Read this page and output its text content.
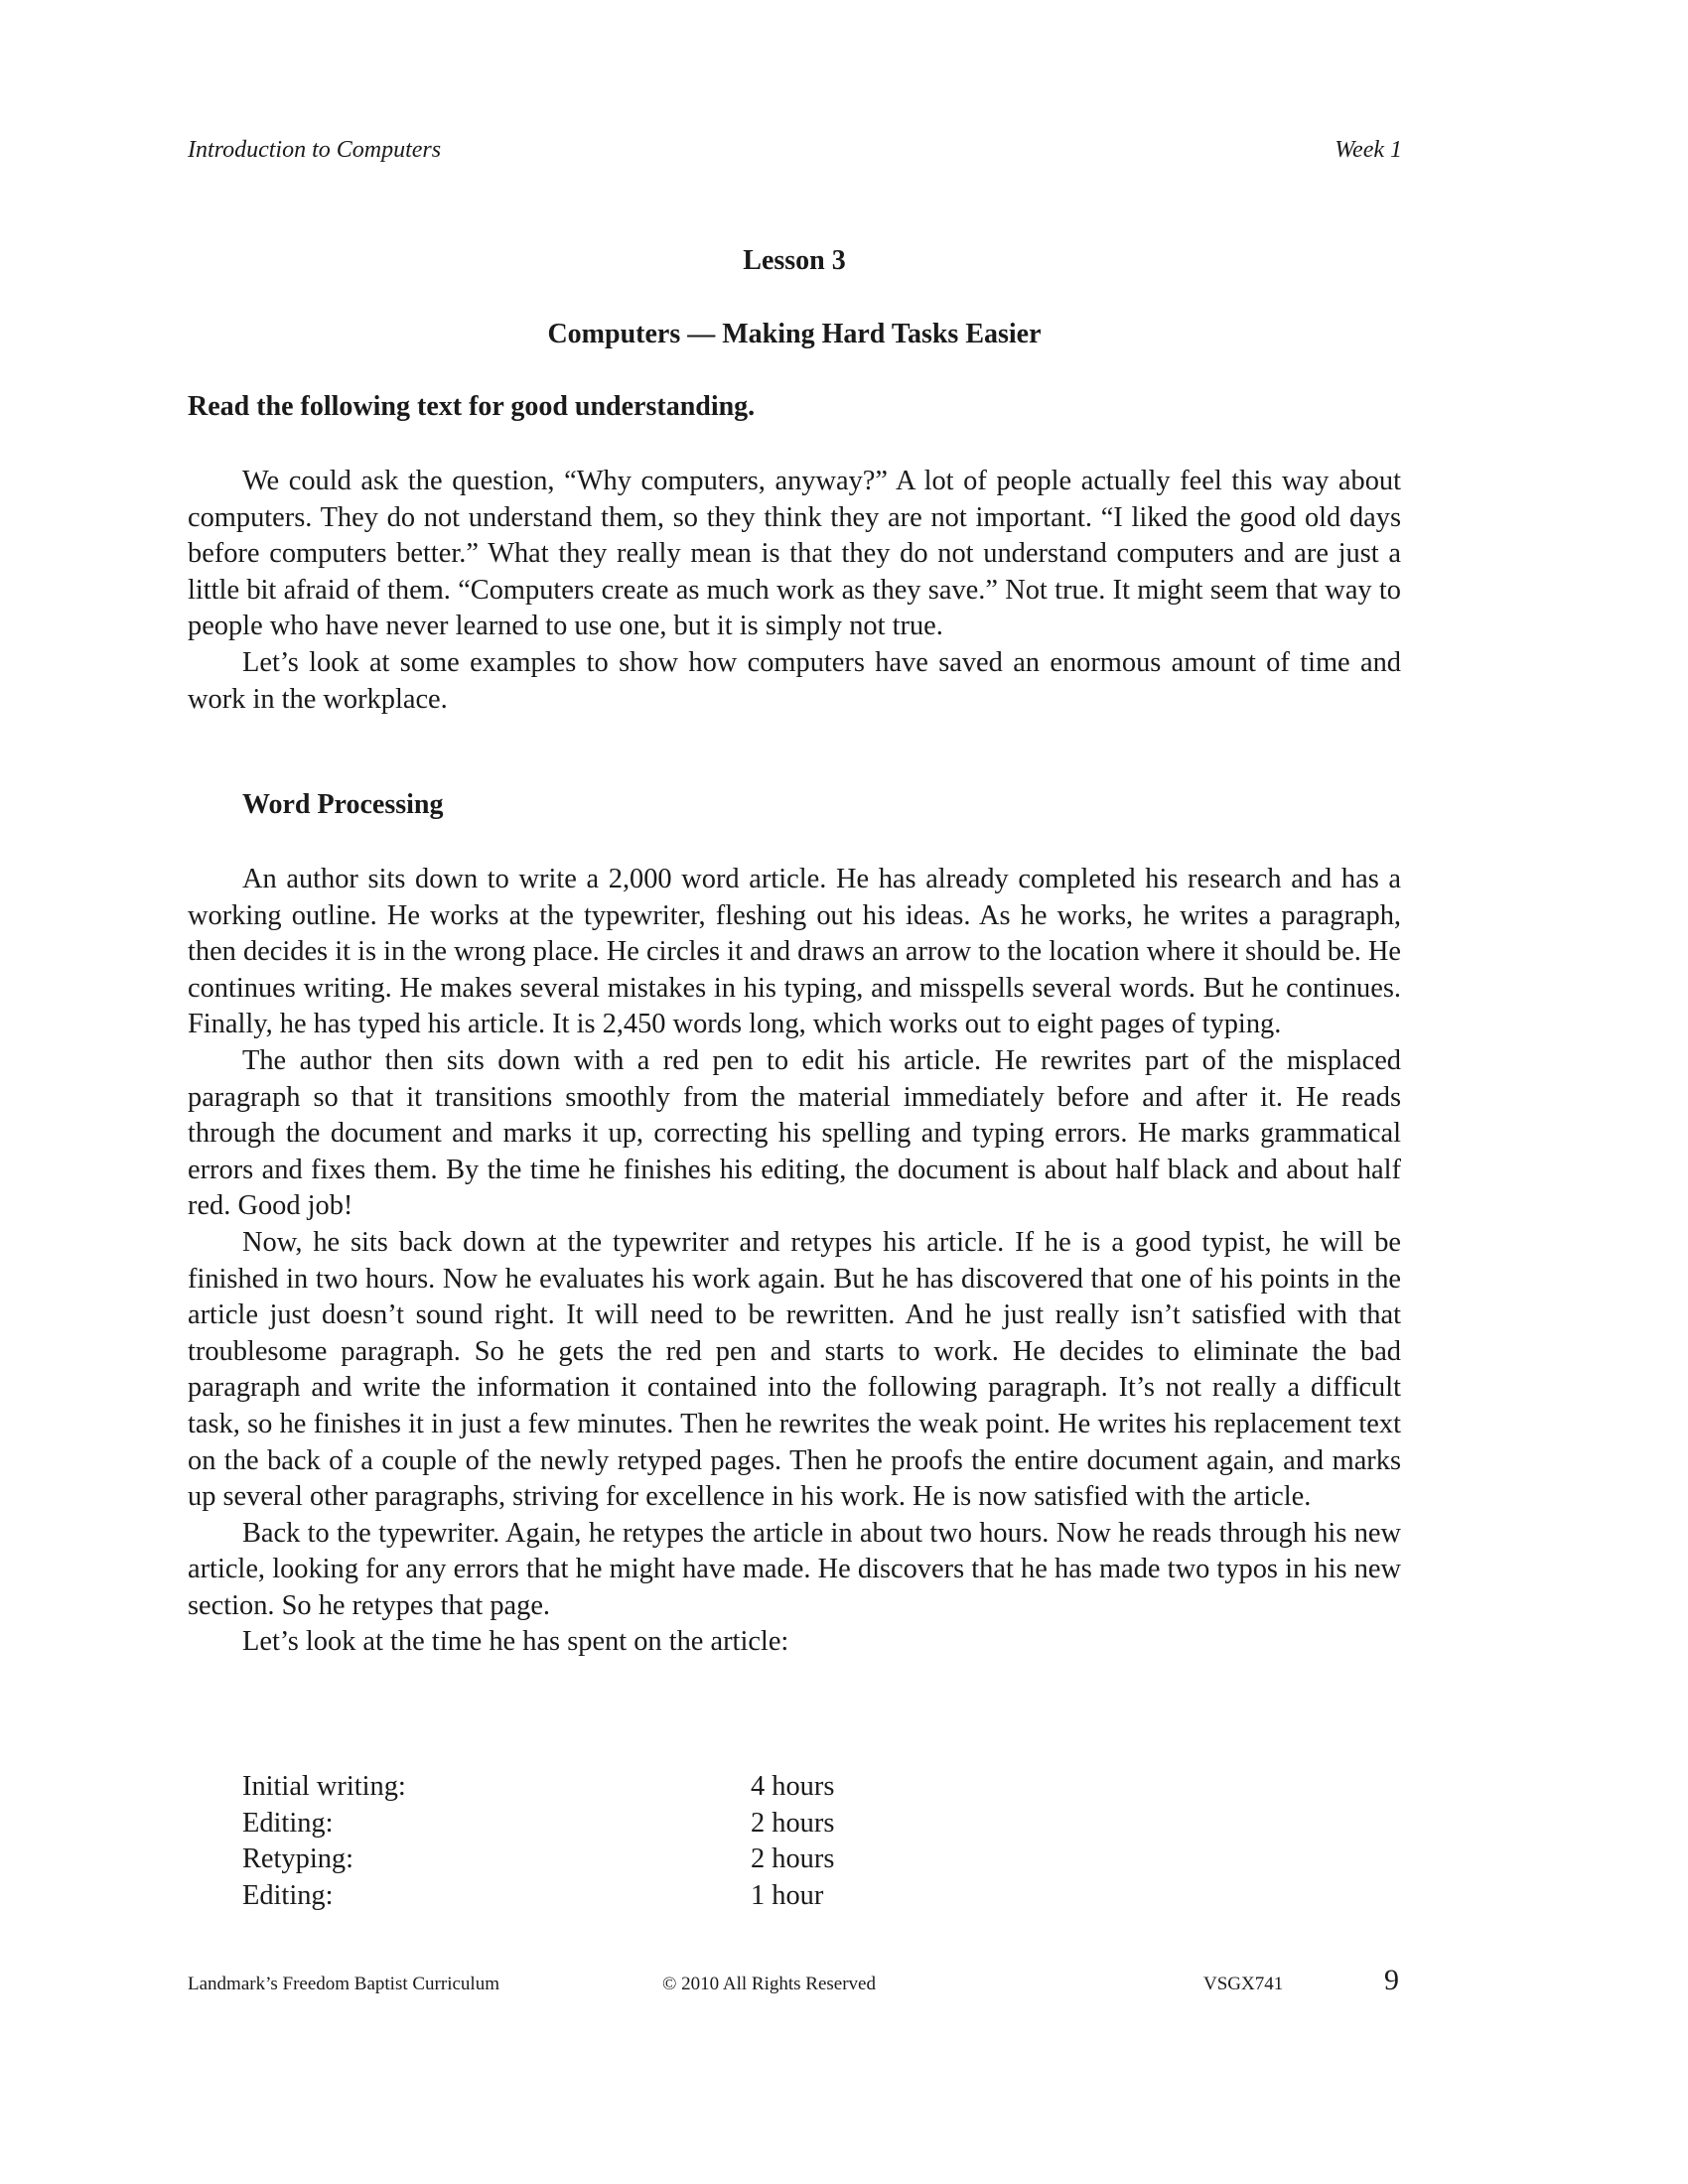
Introduction to Computers	Week 1
Lesson 3
Computers — Making Hard Tasks Easier
Read the following text for good understanding.

We could ask the question, “Why computers, anyway?” A lot of people actually feel this way about computers. They do not understand them, so they think they are not important. “I liked the good old days before computers better.” What they really mean is that they do not understand computers and are just a little bit afraid of them. “Computers create as much work as they save.” Not true. It might seem that way to people who have never learned to use one, but it is simply not true.

Let’s look at some examples to show how computers have saved an enormous amount of time and work in the workplace.

Word Processing

An author sits down to write a 2,000 word article. He has already completed his research and has a working outline. He works at the typewriter, fleshing out his ideas. As he works, he writes a paragraph, then decides it is in the wrong place. He circles it and draws an arrow to the location where it should be. He continues writing. He makes several mistakes in his typing, and misspells several words. But he continues. Finally, he has typed his article. It is 2,450 words long, which works out to eight pages of typing.

The author then sits down with a red pen to edit his article. He rewrites part of the misplaced paragraph so that it transitions smoothly from the material immediately before and after it. He reads through the document and marks it up, correcting his spelling and typing errors. He marks grammatical errors and fixes them. By the time he finishes his editing, the document is about half black and about half red. Good job!

Now, he sits back down at the typewriter and retypes his article. If he is a good typist, he will be finished in two hours. Now he evaluates his work again. But he has discovered that one of his points in the article just doesn’t sound right. It will need to be rewritten. And he just really isn’t satisfied with that troublesome paragraph. So he gets the red pen and starts to work. He decides to eliminate the bad paragraph and write the information it contained into the following paragraph. It’s not really a difficult task, so he finishes it in just a few minutes. Then he rewrites the weak point. He writes his replacement text on the back of a couple of the newly retyped pages. Then he proofs the entire document again, and marks up several other paragraphs, striving for excellence in his work. He is now satisfied with the article.

Back to the typewriter. Again, he retypes the article in about two hours. Now he reads through his new article, looking for any errors that he might have made. He discovers that he has made two typos in his new section. So he retypes that page.

Let’s look at the time he has spent on the article:

Initial writing:	4 hours
Editing:	2 hours
Retyping:	2 hours
Editing:	1 hour
Landmark’s Freedom Baptist Curriculum	© 2010 All Rights Reserved	VSGX741	9
